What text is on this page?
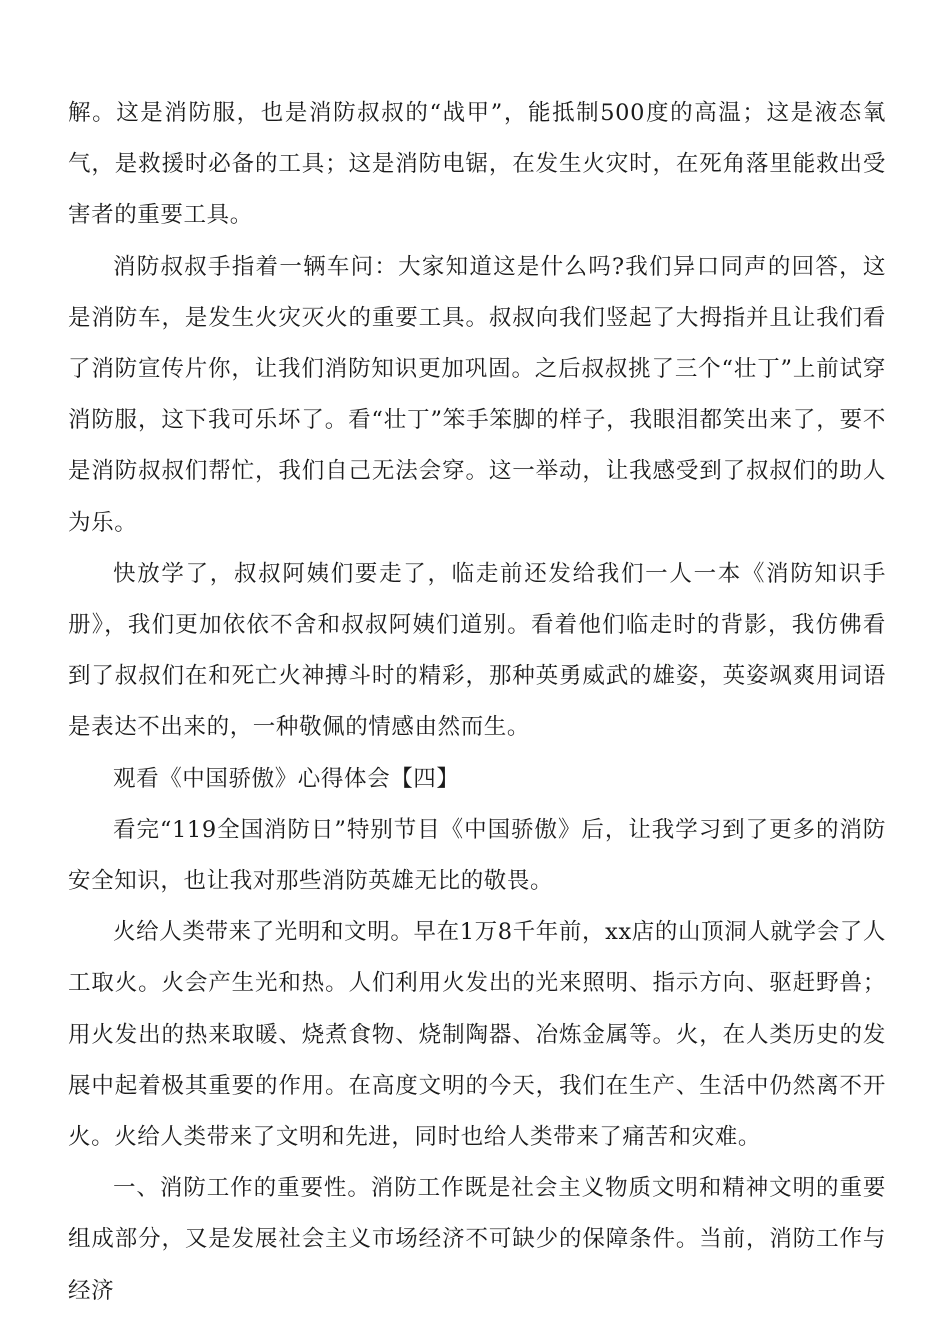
解。这是消防服，也是消防叔叔的“战甲”，能抵制500度的高温；这是液态氧气，是救援时必备的工具；这是消防电锯，在发生火灾时，在死角落里能救出受害者的重要工具。

消防叔叔手指着一辆车问：大家知道这是什么吗?我们异口同声的回答，这是消防车，是发生火灾灭火的重要工具。叔叔向我们竖起了大拇指并且让我们看了消防宣传片你，让我们消防知识更加巩固。之后叔叔挑了三个“壮丁”上前试穿消防服，这下我可乐坏了。看“壮丁”笨手笨脚的样子，我眼泪都笑出来了，要不是消防叔叔们帮忙，我们自己无法会穿。这一举动，让我感受到了叔叔们的助人为乐。

快放学了，叔叔阿姨们要走了，临走前还发给我们一人一本《消防知识手册》，我们更加依依不舍和叔叔阿姨们道别。看着他们临走时的背影，我仿佛看到了叔叔们在和死亡火神搏斗时的精彩，那种英勇威武的雄姿，英姿飒爽用词语是表达不出来的，一种敬佩的情感由然而生。

观看《中国骄傲》心得体会【四】

看完“119全国消防日”特别节目《中国骄傲》后，让我学习到了更多的消防安全知识，也让我对那些消防英雄无比的敬畏。

火给人类带来了光明和文明。早在1万8千年前，xx店的山顶洞人就学会了人工取火。火会产生光和热。人们利用火发出的光来照明、指示方向、驱赶野兽；用火发出的热来取暖、烧煮食物、烧制陶器、冶炼金属等。火，在人类历史的发展中起着极其重要的作用。在高度文明的今天，我们在生产、生活中仍然离不开火。火给人类带来了文明和先进，同时也给人类带来了痛苦和灾难。

一、消防工作的重要性。消防工作既是社会主义物质文明和精神文明的重要组成部分，又是发展社会主义市场经济不可缺少的保障条件。当前，消防工作与经济
